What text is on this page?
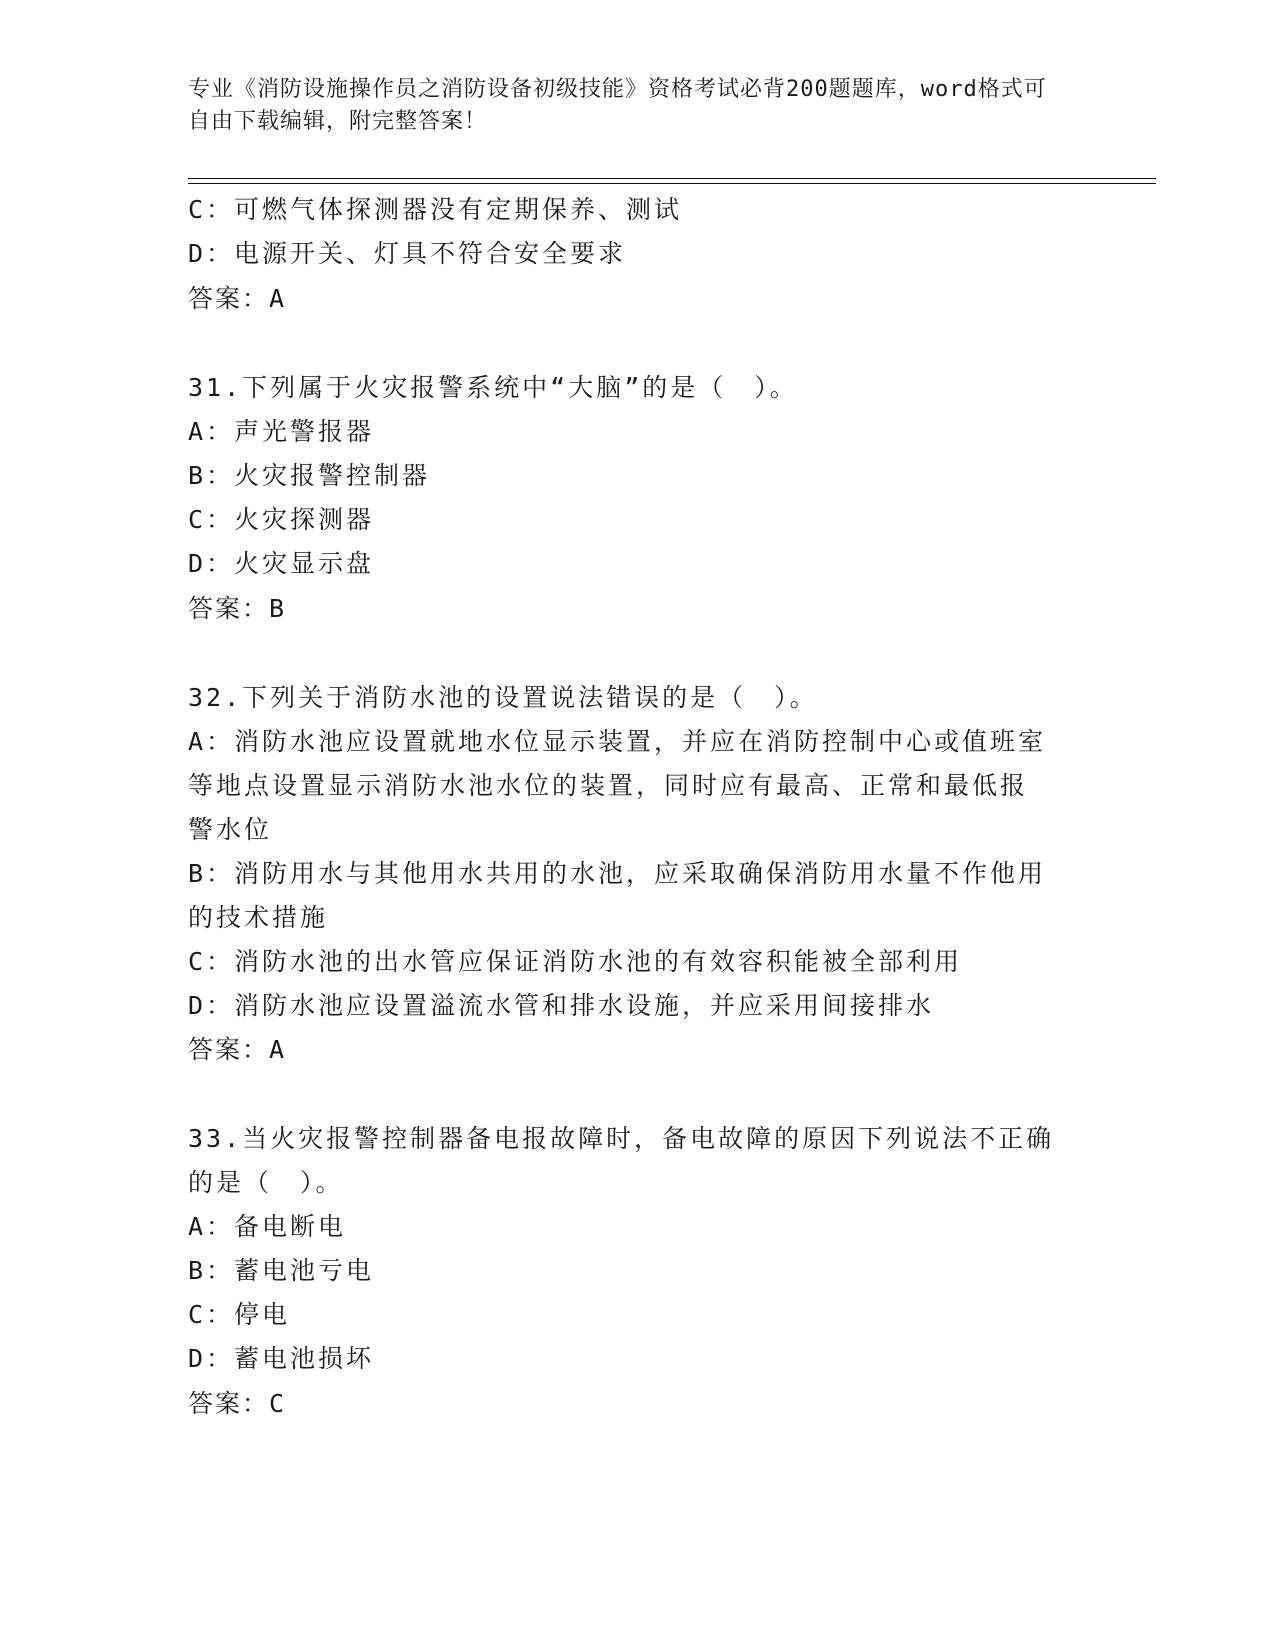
专业《消防设施操作员之消防设备初级技能》资格考试必背200题题库，word格式可自由下载编辑，附完整答案！
C：可燃气体探测器没有定期保养、测试
D：电源开关、灯具不符合安全要求
答案：A
31.下列属于火灾报警系统中“大脑”的是（　）。
A：声光警报器
B：火灾报警控制器
C：火灾探测器
D：火灾显示盘
答案：B
32.下列关于消防水池的设置说法错误的是（　）。
A：消防水池应设置就地水位显示装置，并应在消防控制中心或值班室
等地点设置显示消防水池水位的装置，同时应有最高、正常和最低报
警水位
B：消防用水与其他用水共用的水池，应采取确保消防用水量不作他用
的技术措施
C：消防水池的出水管应保证消防水池的有效容积能被全部利用
D：消防水池应设置溢流水管和排水设施，并应采用间接排水
答案：A
33.当火灾报警控制器备电报故障时，备电故障的原因下列说法不正确
的是（　）。
A：备电断电
B：蓄电池亏电
C：停电
D：蓄电池损坏
答案：C
